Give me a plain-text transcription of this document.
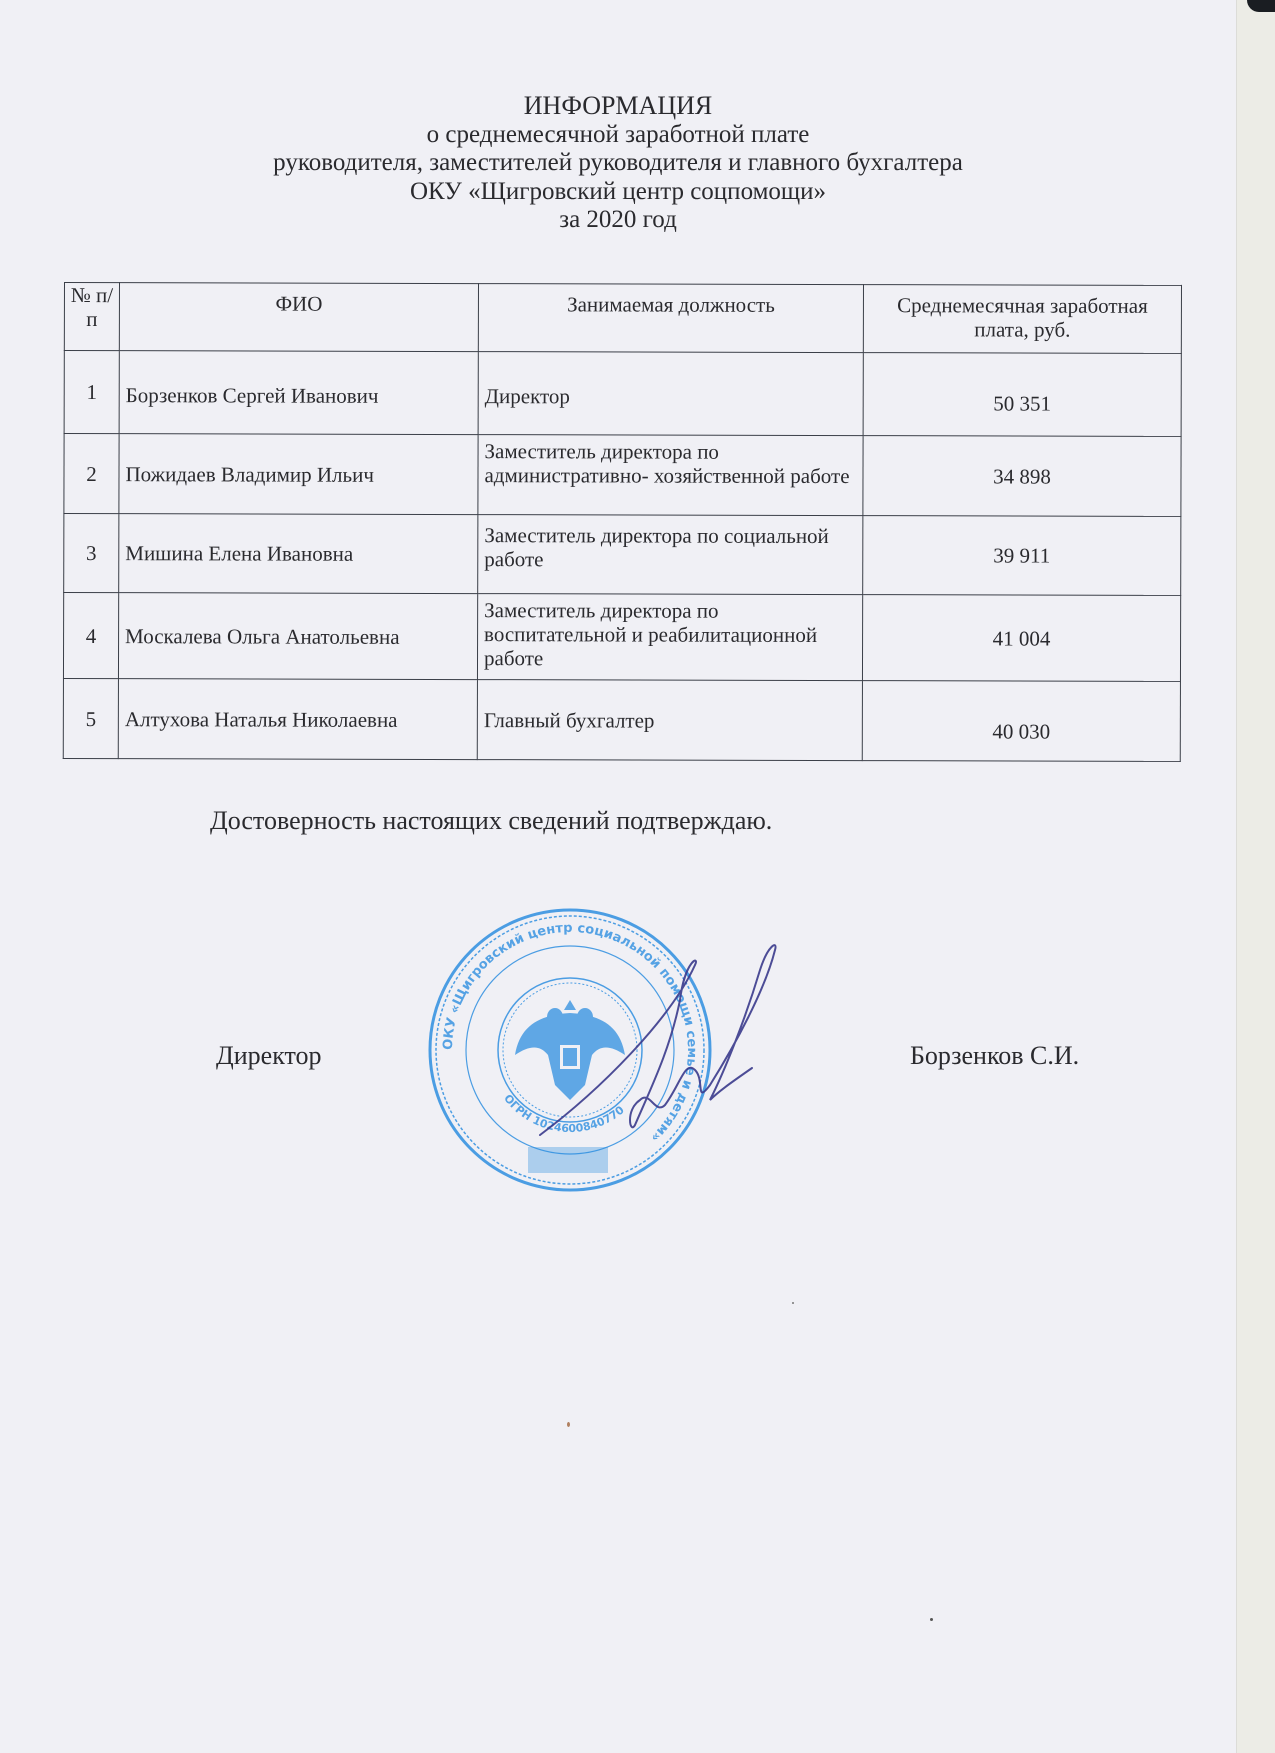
ИНФОРМАЦИЯ
о среднемесячной заработной плате
руководителя, заместителей руководителя и главного бухгалтера
ОКУ «Щигровский центр соцпомощи»
за 2020 год
№ п/п	ФИО	Занимаемая должность	Среднемесячная заработная плата, руб.
1	Борзенков Сергей Иванович	Директор	50 351
2	Пожидаев Владимир Ильич	Заместитель директора по административно- хозяйственной работе	34 898
3	Мишина Елена Ивановна	Заместитель директора по социальной работе	39 911
4	Москалева Ольга Анатольевна	Заместитель директора по воспитательной и реабилитационной работе	41 004
5	Алтухова Наталья Николаевна	Главный бухгалтер	40 030
Достоверность настоящих сведений подтверждаю.
ОКУ «Щигровский центр социальной помощи семье и детям»
ОГРН 1024600840770
Директор	Борзенков С.И.
